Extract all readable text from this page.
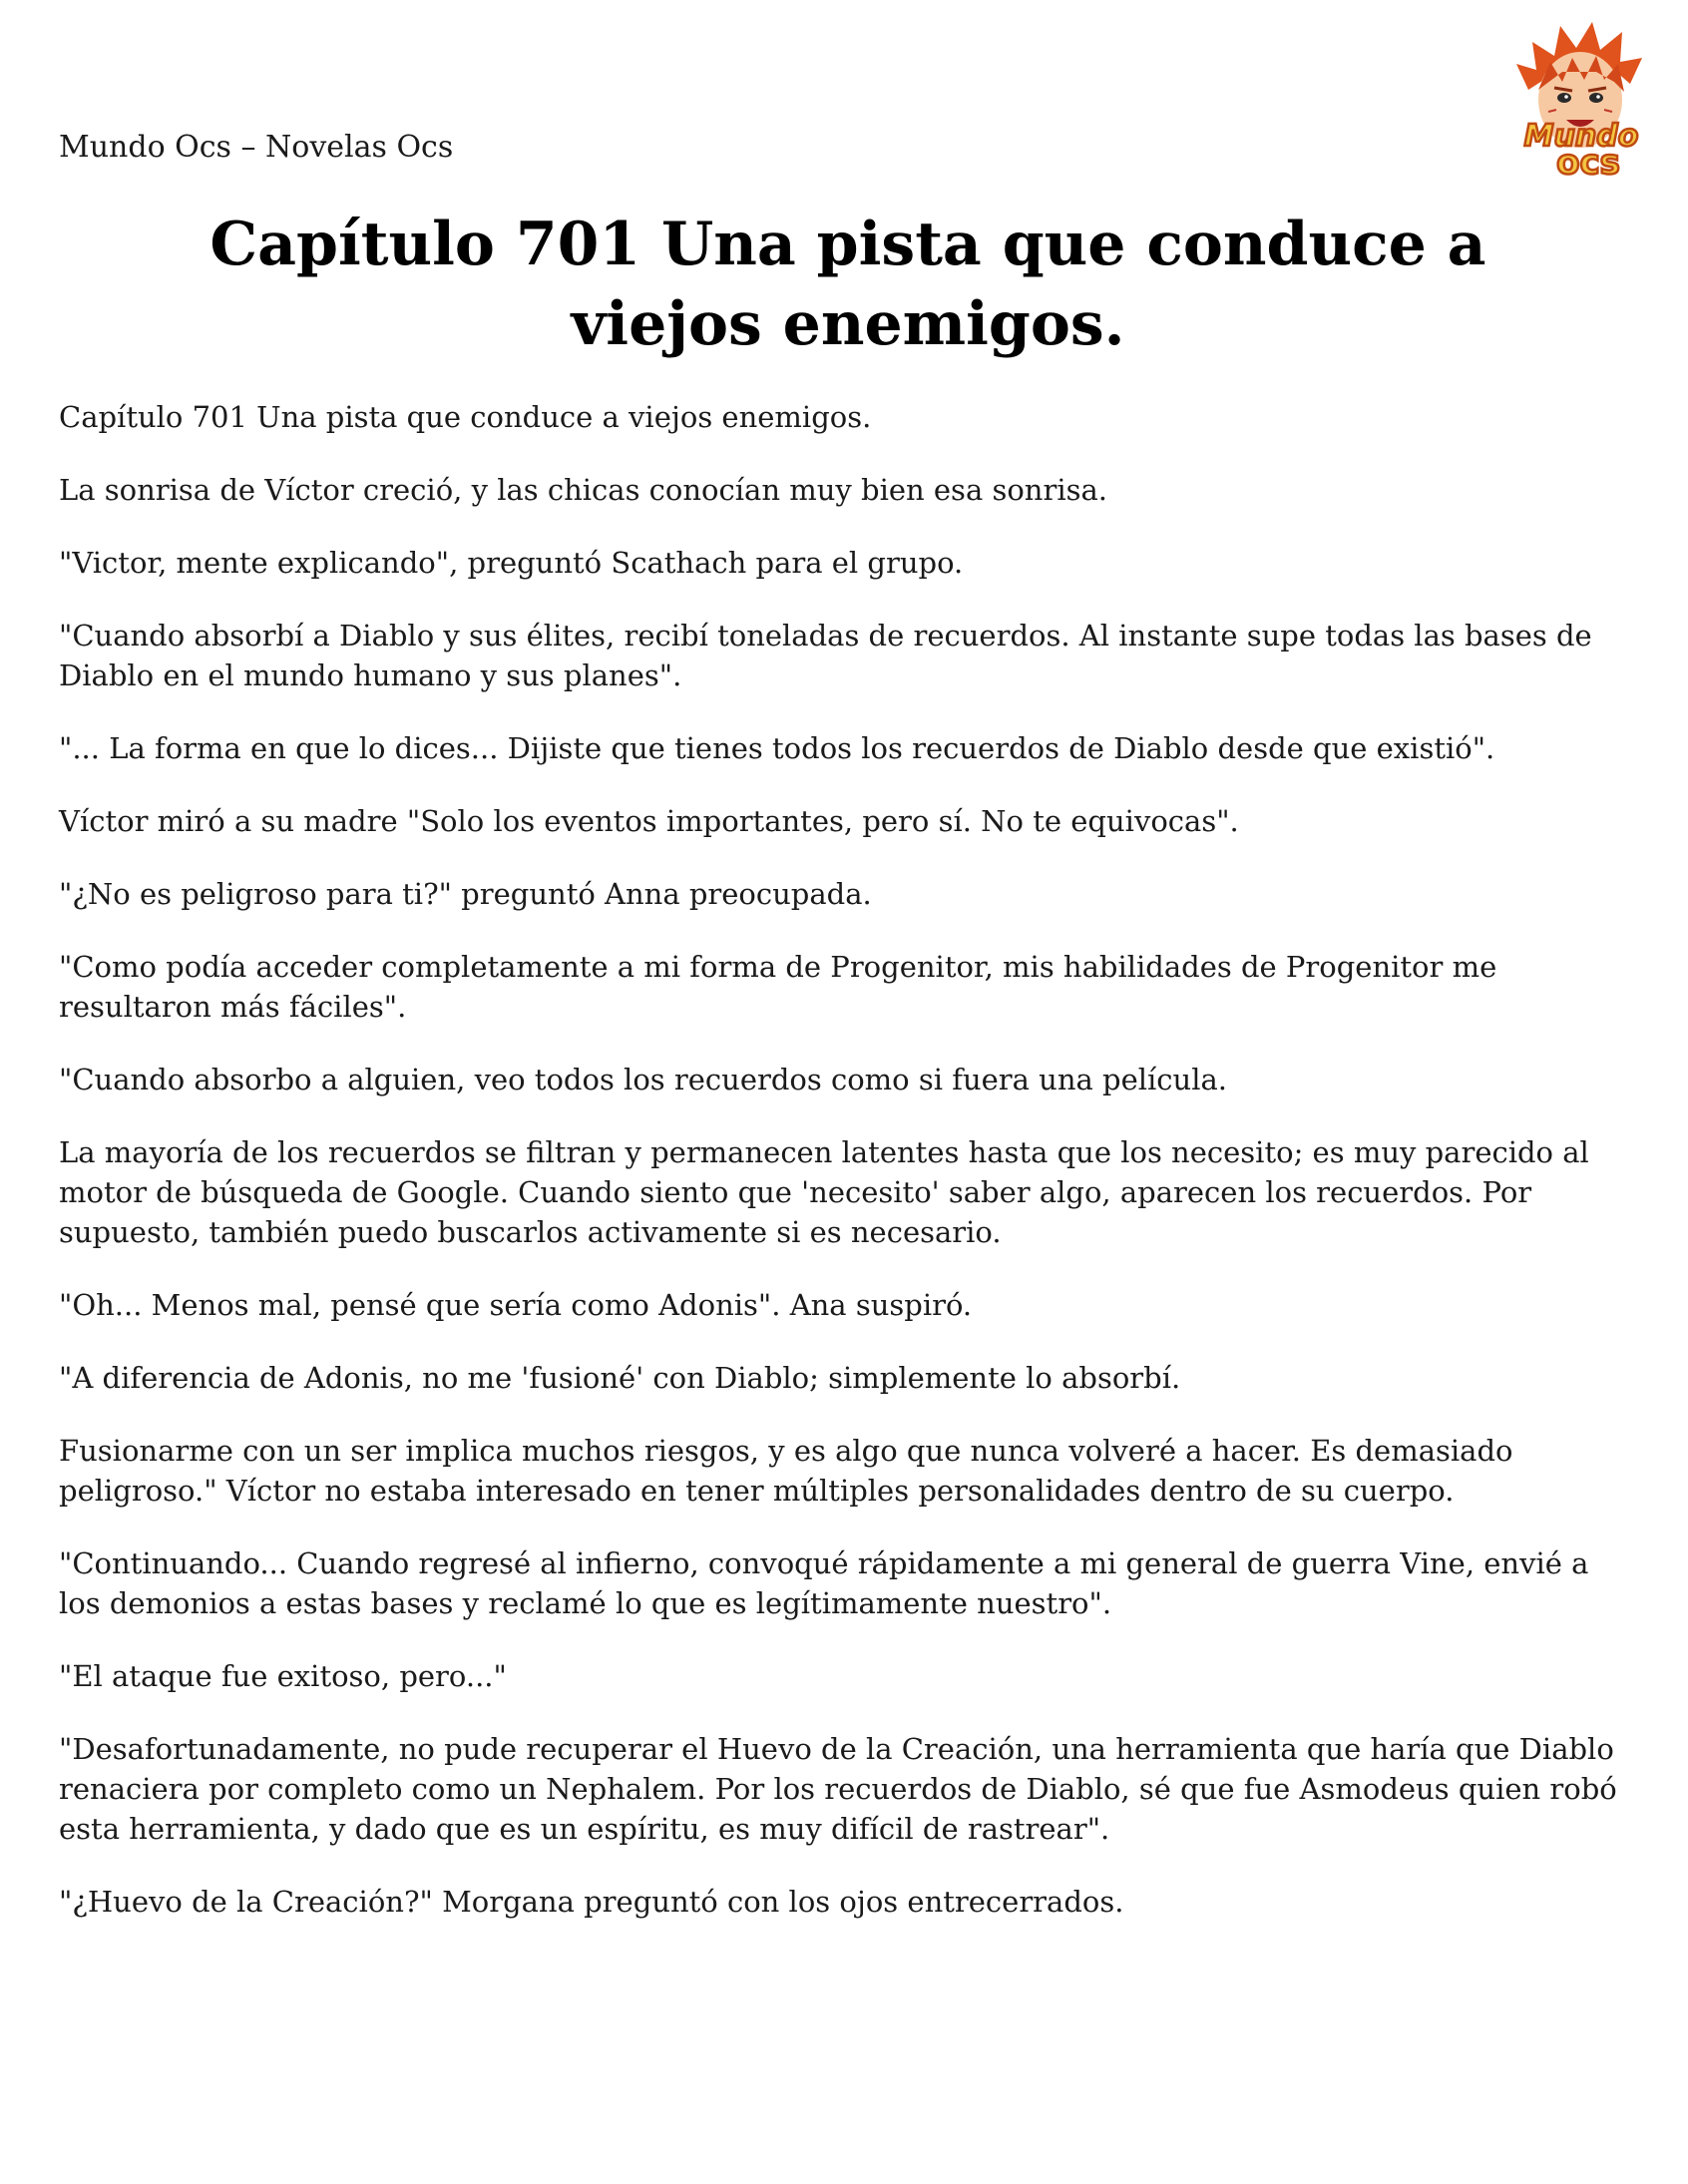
Mundo Ocs – Novelas Ocs	Mundo
ocs
Capítulo 701 Una pista que conduce a viejos enemigos.

Capítulo 701 Una pista que conduce a viejos enemigos.

La sonrisa de Víctor creció, y las chicas conocían muy bien esa sonrisa.

"Victor, mente explicando", preguntó Scathach para el grupo.

"Cuando absorbí a Diablo y sus élites, recibí toneladas de recuerdos. Al instante supe todas las bases de Diablo en el mundo humano y sus planes".

"... La forma en que lo dices... Dijiste que tienes todos los recuerdos de Diablo desde que existió".

Víctor miró a su madre "Solo los eventos importantes, pero sí. No te equivocas".

"¿No es peligroso para ti?" preguntó Anna preocupada.

"Como podía acceder completamente a mi forma de Progenitor, mis habilidades de Progenitor me resultaron más fáciles".

"Cuando absorbo a alguien, veo todos los recuerdos como si fuera una película.

La mayoría de los recuerdos se filtran y permanecen latentes hasta que los necesito; es muy parecido al motor de búsqueda de Google. Cuando siento que 'necesito' saber algo, aparecen los recuerdos. Por supuesto, también puedo buscarlos activamente si es necesario.

"Oh... Menos mal, pensé que sería como Adonis". Ana suspiró.

"A diferencia de Adonis, no me 'fusioné' con Diablo; simplemente lo absorbí.

Fusionarme con un ser implica muchos riesgos, y es algo que nunca volveré a hacer. Es demasiado peligroso." Víctor no estaba interesado en tener múltiples personalidades dentro de su cuerpo.

"Continuando... Cuando regresé al infierno, convoqué rápidamente a mi general de guerra Vine, envié a los demonios a estas bases y reclamé lo que es legítimamente nuestro".

"El ataque fue exitoso, pero..."

"Desafortunadamente, no pude recuperar el Huevo de la Creación, una herramienta que haría que Diablo renaciera por completo como un Nephalem. Por los recuerdos de Diablo, sé que fue Asmodeus quien robó esta herramienta, y dado que es un espíritu, es muy difícil de rastrear".

"¿Huevo de la Creación?" Morgana preguntó con los ojos entrecerrados.
